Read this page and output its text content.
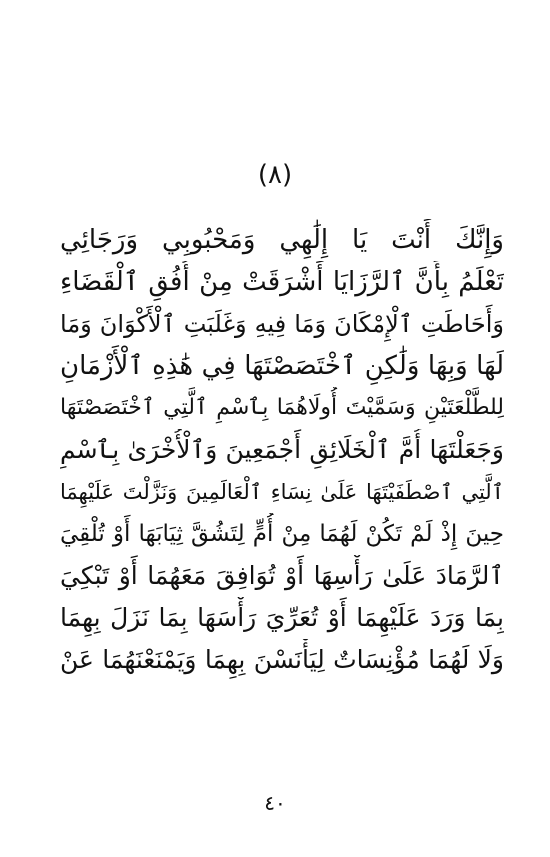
(٨)
وَإِنَّكَ أَنْتَ يَا إِلَٰهِي وَمَحْبُوبِي وَرَجَائِي
تَعْلَمُ بِأَنَّ ٱلرَّزَايَا أَشْرَقَتْ مِنْ أُفُقِ ٱلْقَضَاءِ
وَأَحَاطَتِ ٱلْإِمْكَانَ وَمَا فِيهِ وَغَلَبَتِ ٱلْأَكْوَانَ وَمَا
لَهَا وَبِهَا وَلَٰكِنِ ٱخْتَصَصْتَهَا فِي هَٰذِهِ ٱلْأَزْمَانِ
لِلطَّلْعَتَيْنِ وَسَمَّيْتَ أُولَاهُمَا بِٱسْمِ ٱلَّتِي ٱخْتَصَصْتَهَا
وَجَعَلْتَهَا أُمَّ ٱلْخَلَائِقِ أَجْمَعِينَ وَٱلْأُخْرَىٰ بِٱسْمِ
ٱلَّتِي ٱصْطَفَيْتَهَا عَلَىٰ نِسَاءِ ٱلْعَالَمِينَ وَنَزَّلْتَ عَلَيْهِمَا
حِينَ إِذْ لَمْ تَكُنْ لَهُمَا مِنْ أُمٍّ لِتَشُقَّ ثِيَابَهَا أَوْ تُلْقِيَ
ٱلرَّمَادَ عَلَىٰ رَأْسِهَا أَوْ تُوَافِقَ مَعَهُمَا أَوْ تَبْكِيَ
بِمَا وَرَدَ عَلَيْهِمَا أَوْ تُعَرِّيَ رَأْسَهَا بِمَا نَزَلَ بِهِمَا
وَلَا لَهُمَا مُؤْنِسَاتٌ لِيَأْنَسْنَ بِهِمَا وَيَمْنَعْنَهُمَا عَنْ
٤٠
